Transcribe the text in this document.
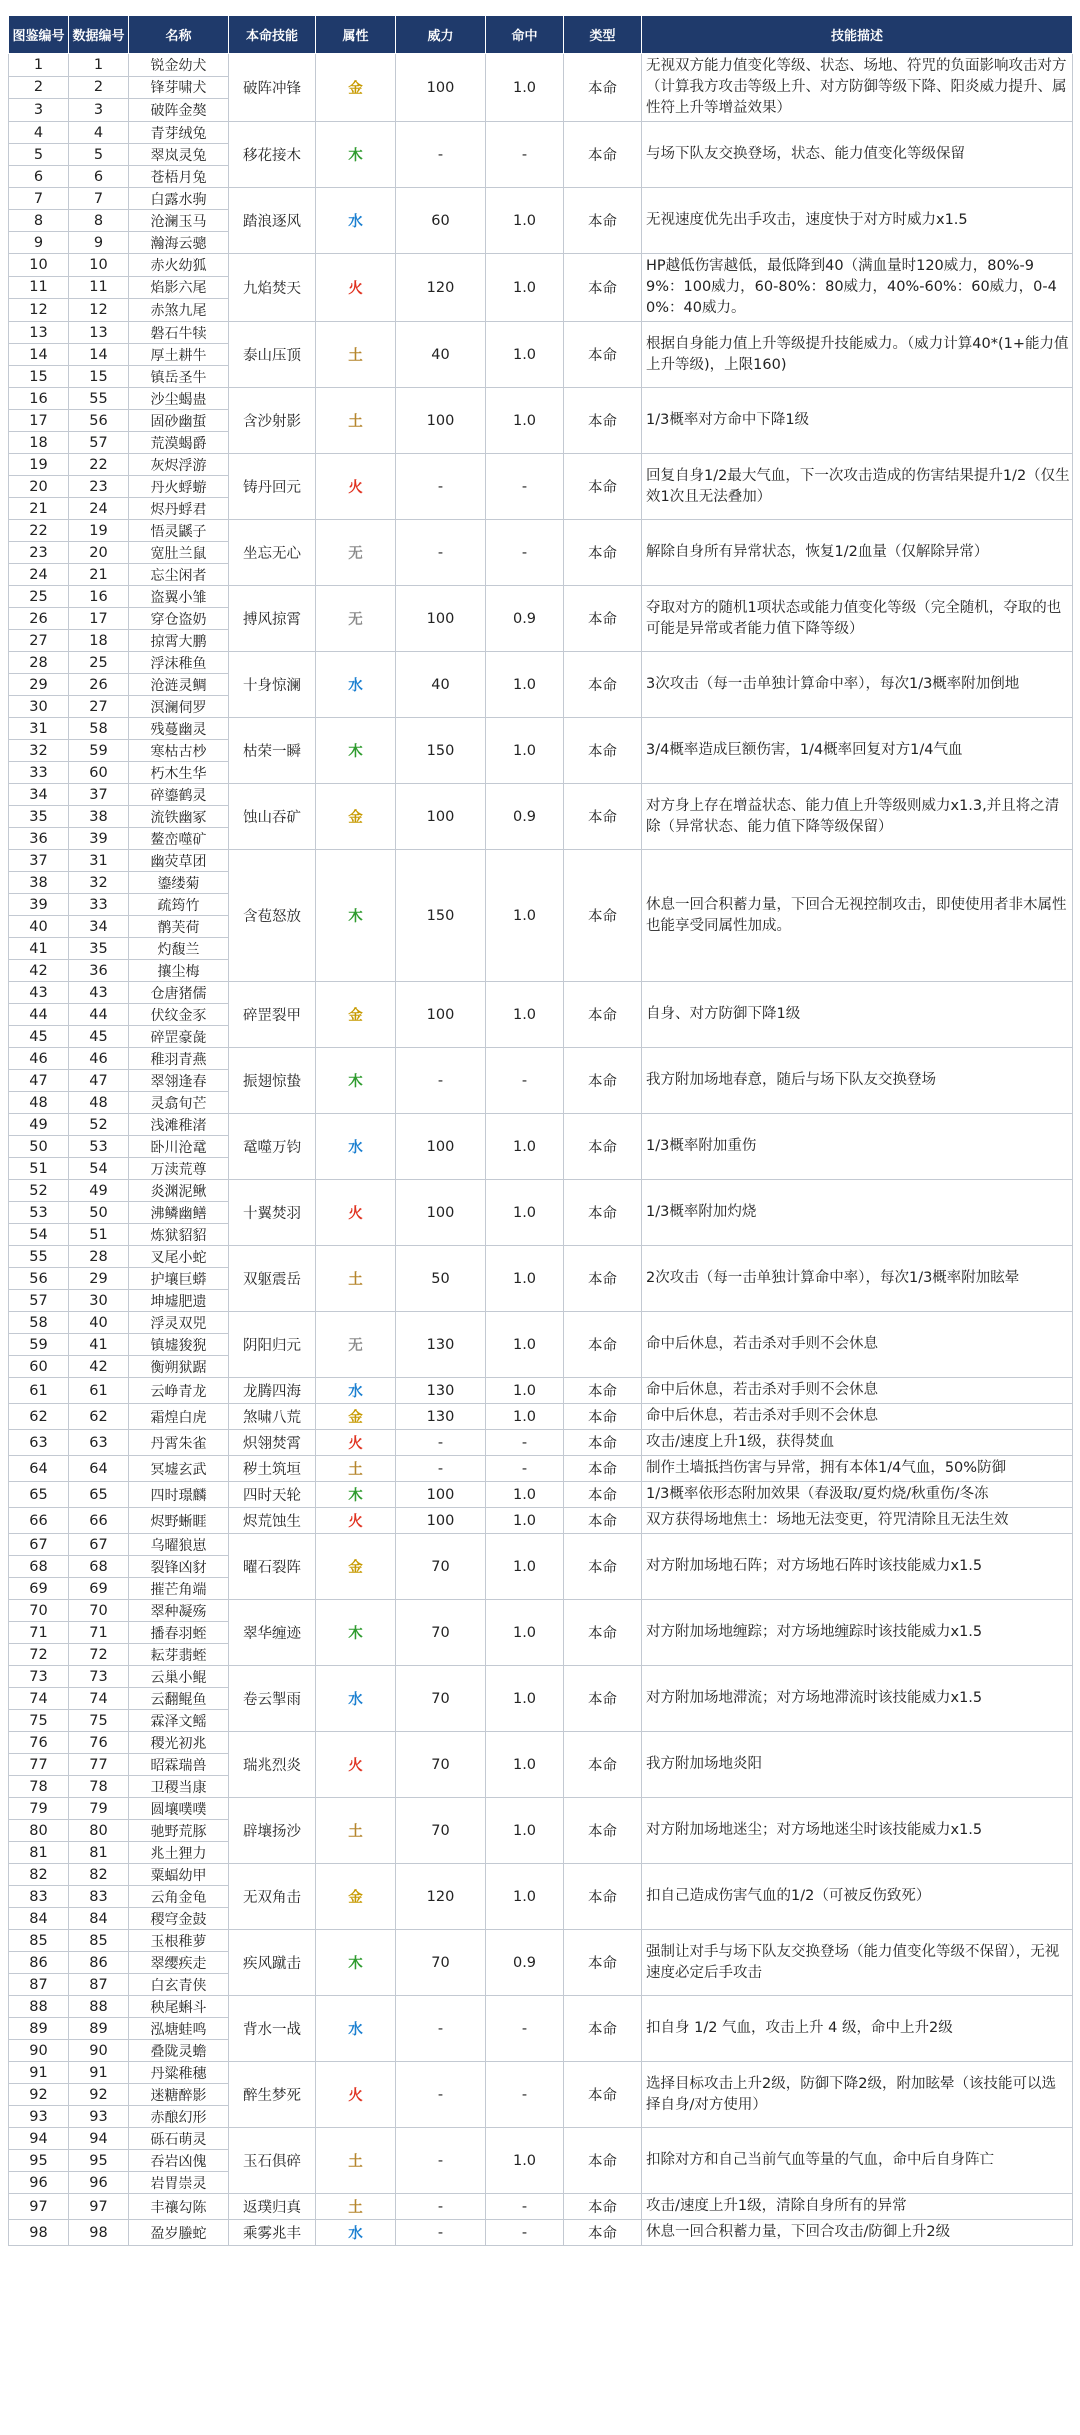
图鉴编号	数据编号	名称	本命技能	属性	威力	命中	类型	技能描述
1	1	锐金幼犬	破阵冲锋	金	100	1.0	本命	无视双方能力值变化等级、状态、场地、符咒的负面影响攻击对方（计算我方攻击等级上升、对方防御等级下降、阳炎威力提升、属性符上升等增益效果）
2	2	锋芽啸犬						
3	3	破阵金獒						
4	4	青芽绒兔	移花接木	木	-	-	本命	与场下队友交换登场，状态、能力值变化等级保留
5	5	翠岚灵兔						
6	6	苍梧月兔						
7	7	白露水驹	踏浪逐风	水	60	1.0	本命	无视速度优先出手攻击，速度快于对方时威力x1.5
8	8	沧澜玉马						
9	9	瀚海云骢						
10	10	赤火幼狐	九焰焚天	火	120	1.0	本命	HP越低伤害越低，最低降到40（满血量时120威力，80%-99%：100威力，60-80%：80威力，40%-60%：60威力，0-40%：40威力。
11	11	焰影六尾						
12	12	赤煞九尾						
13	13	磐石牛犊	泰山压顶	土	40	1.0	本命	根据自身能力值上升等级提升技能威力。（威力计算40*(1+能力值上升等级)，上限160)
14	14	厚土耕牛						
15	15	镇岳圣牛						
16	55	沙尘蝎蛊	含沙射影	土	100	1.0	本命	1/3概率对方命中下降1级
17	56	固砂幽蜇						
18	57	荒漠蝎爵						
19	22	灰烬浮游	铸丹回元	火	-	-	本命	回复自身1/2最大气血，下一次攻击造成的伤害结果提升1/2（仅生效1次且无法叠加）
20	23	丹火蜉蝣						
21	24	烬丹蜉君						
22	19	悟灵鼷子	坐忘无心	无	-	-	本命	解除自身所有异常状态，恢复1/2血量（仅解除异常）
23	20	宽肚兰鼠						
24	21	忘尘闲者						
25	16	盗翼小雏	搏风掠霄	无	100	0.9	本命	夺取对方的随机1项状态或能力值变化等级（完全随机，夺取的也可能是异常或者能力值下降等级）
26	17	穿仓盗奶						
27	18	掠霄大鹏						
28	25	浮沫稚鱼	十身惊澜	水	40	1.0	本命	3次攻击（每一击单独计算命中率），每次1/3概率附加倒地
29	26	沧涟灵鲷						
30	27	溟澜伺罗						
31	58	残蔓幽灵	枯荣一瞬	木	150	1.0	本命	3/4概率造成巨额伤害，1/4概率回复对方1/4气血
32	59	寒枯古杪						
33	60	朽木生华						
34	37	碎鎏鹤灵	蚀山吞矿	金	100	0.9	本命	对方身上存在增益状态、能力值上升等级则威力x1.3,并且将之清除（异常状态、能力值下降等级保留）
35	38	流铁幽冢						
36	39	鳌峦噬矿						
37	31	幽荧草团	含苞怒放	木	150	1.0	本命	休息一回合积蓄力量，下回合无视控制攻击，即使使用者非木属性也能享受同属性加成。
38	32	鎏缕菊						
39	33	疏筠竹						
40	34	鹡芙荷						
41	35	灼馥兰						
42	36	攘尘梅						
43	43	仓唐猪儒	碎罡裂甲	金	100	1.0	本命	自身、对方防御下降1级
44	44	伏纹金豕						
45	45	碎罡豪彘						
46	46	稚羽青燕	振翅惊蛰	木	-	-	本命	我方附加场地春意，随后与场下队友交换登场
47	47	翠翎逢春						
48	48	灵翕旬芒						
49	52	浅滩稚渚	鼋噬万钧	水	100	1.0	本命	1/3概率附加重伤
50	53	卧川沧鼋						
51	54	万渎荒尊						
52	49	炎渊泥鳅	十翼焚羽	火	100	1.0	本命	1/3概率附加灼烧
53	50	沸鳞幽鳝						
54	51	炼狱貂貂						
55	28	叉尾小蛇	双躯震岳	土	50	1.0	本命	2次攻击（每一击单独计算命中率），每次1/3概率附加眩晕
56	29	护壤巨蟒						
57	30	坤墟肥遗						
58	40	浮灵双兕	阴阳归元	无	130	1.0	本命	命中后休息，若击杀对手则不会休息
59	41	镇墟狻猊						
60	42	衡朔狱踞						
61	61	云峥青龙	龙腾四海	水	130	1.0	本命	命中后休息，若击杀对手则不会休息
62	62	霜煌白虎	煞啸八荒	金	130	1.0	本命	命中后休息，若击杀对手则不会休息
63	63	丹霄朱雀	炽翎焚霄	火	-	-	本命	攻击/速度上升1级，获得焚血
64	64	冥墟玄武	秽土筑垣	土	-	-	本命	制作土墙抵挡伤害与异常，拥有本体1/4气血，50%防御
65	65	四时璟麟	四时天轮	木	100	1.0	本命	1/3概率依形态附加效果（春汲取/夏灼烧/秋重伤/冬冻
66	66	烬野蜥睚	烬荒蚀生	火	100	1.0	本命	双方获得场地焦土：场地无法变更，符咒清除且无法生效
67	67	乌曜狼崽	曜石裂阵	金	70	1.0	本命	对方附加场地石阵；对方场地石阵时该技能威力x1.5
68	68	裂锋凶豺						
69	69	摧芒角端						
70	70	翠种凝殇	翠华缠迹	木	70	1.0	本命	对方附加场地缠踪；对方场地缠踪时该技能威力x1.5
71	71	播春羽蛭						
72	72	耘芽翡蛭						
73	73	云巢小鲲	卷云掣雨	水	70	1.0	本命	对方附加场地滞流；对方场地滞流时该技能威力x1.5
74	74	云翻鲲鱼						
75	75	霖泽文鳐						
76	76	稷光初兆	瑞兆烈炎	火	70	1.0	本命	我方附加场地炎阳
77	77	昭霖瑞兽						
78	78	卫稷当康						
79	79	圆壤噗噗	辟壤扬沙	土	70	1.0	本命	对方附加场地迷尘；对方场地迷尘时该技能威力x1.5
80	80	驰野荒豚						
81	81	兆土狸力						
82	82	粟蝠幼甲	无双角击	金	120	1.0	本命	扣自己造成伤害气血的1/2（可被反伤致死）
83	83	云角金龟						
84	84	稷穹金鼓						
85	85	玉根稚萝	疾风蹴击	木	70	0.9	本命	强制让对手与场下队友交换登场（能力值变化等级不保留），无视速度必定后手攻击
86	86	翠缨疾走						
87	87	白玄青侠						
88	88	秧尾蝌斗	背水一战	水	-	-	本命	扣自身 1/2 气血，攻击上升 4 级，命中上升2级
89	89	泓塘蛙鸣						
90	90	叠陇灵蟾						
91	91	丹粱稚穗	醉生梦死	火	-	-	本命	选择目标攻击上升2级，防御下降2级，附加眩晕（该技能可以选择自身/对方使用）
92	92	迷糖醉影						
93	93	赤酿幻形						
94	94	砾石萌灵	玉石俱碎	土	-	1.0	本命	扣除对方和自己当前气血等量的气血，命中后自身阵亡
95	95	吞岩凶傀						
96	96	岩胃崇灵						
97	97	丰禳勾陈	返璞归真	土	-	-	本命	攻击/速度上升1级，清除自身所有的异常
98	98	盈岁螣蛇	乘雾兆丰	水	-	-	本命	休息一回合积蓄力量，下回合攻击/防御上升2级
